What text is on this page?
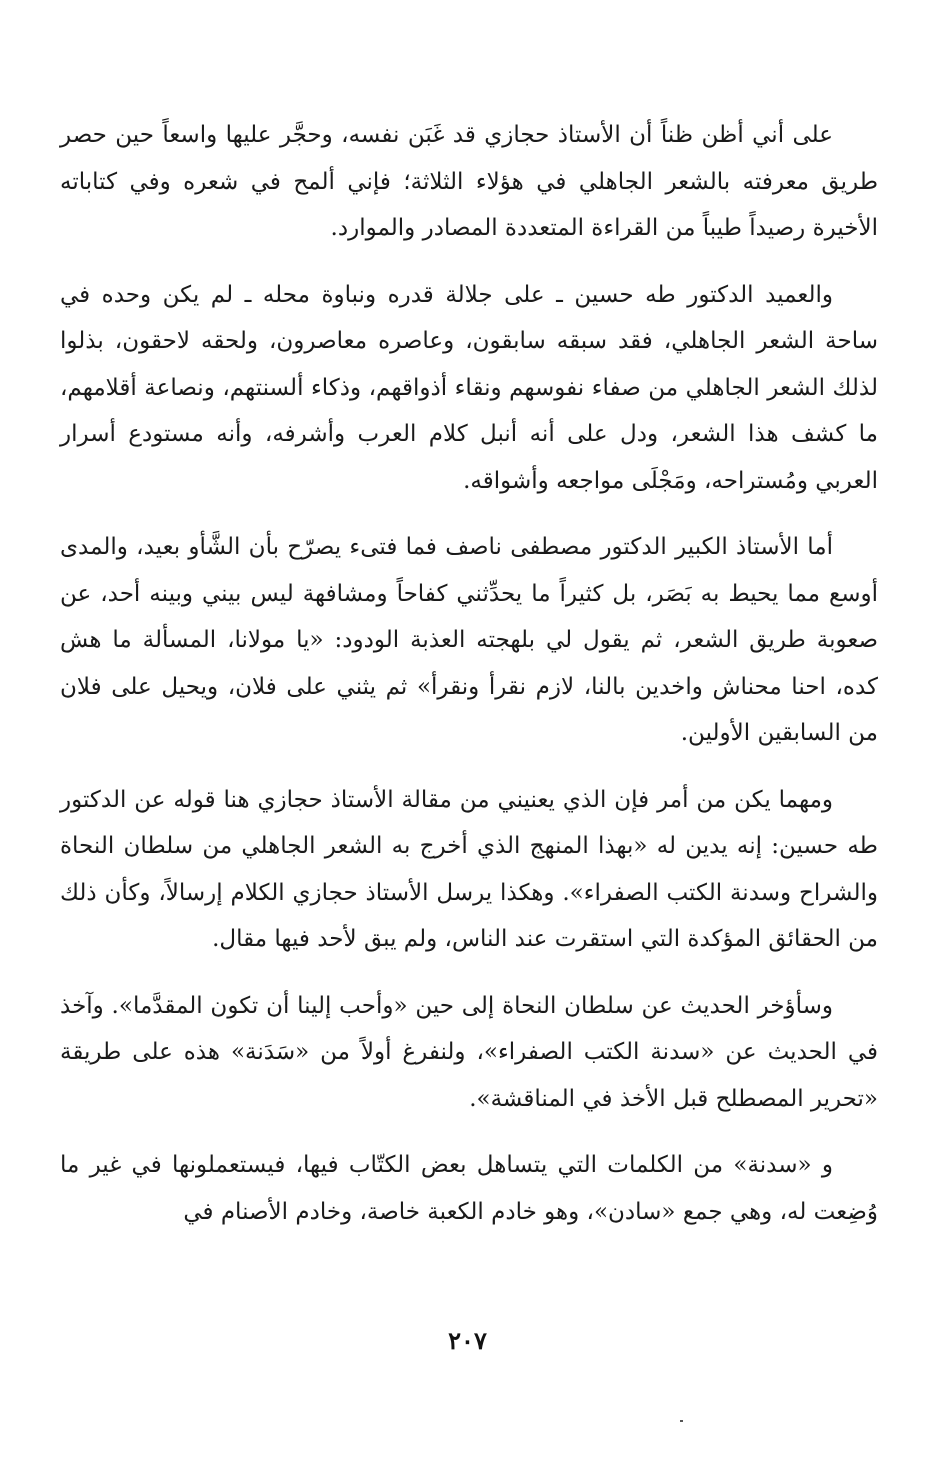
على أني أظن ظناً أن الأستاذ حجازي قد غَبَن نفسه، وحجَّر عليها واسعاً حين حصر طريق معرفته بالشعر الجاهلي في هؤلاء الثلاثة؛ فإني ألمح في شعره وفي كتاباته الأخيرة رصيداً طيباً من القراءة المتعددة المصادر والموارد.

والعميد الدكتور طه حسين ـ على جلالة قدره ونباوة محله ـ لم يكن وحده في ساحة الشعر الجاهلي، فقد سبقه سابقون، وعاصره معاصرون، ولحقه لاحقون، بذلوا لذلك الشعر الجاهلي من صفاء نفوسهم ونقاء أذواقهم، وذكاء ألسنتهم، ونصاعة أقلامهم، ما كشف هذا الشعر، ودل على أنه أنبل كلام العرب وأشرفه، وأنه مستودع أسرار العربي ومُستراحه، ومَجْلَى مواجعه وأشواقه.

أما الأستاذ الكبير الدكتور مصطفى ناصف فما فتىء يصرّح بأن الشَّأو بعيد، والمدى أوسع مما يحيط به بَصَر، بل كثيراً ما يحدِّثني كفاحاً ومشافهة ليس بيني وبينه أحد، عن صعوبة طريق الشعر، ثم يقول لي بلهجته العذبة الودود: «يا مولانا، المسألة ما هش كده، احنا محناش واخدين بالنا، لازم نقرأ ونقرأ» ثم يثني على فلان، ويحيل على فلان من السابقين الأولين.

ومهما يكن من أمر فإن الذي يعنيني من مقالة الأستاذ حجازي هنا قوله عن الدكتور طه حسين: إنه يدين له «بهذا المنهج الذي أخرج به الشعر الجاهلي من سلطان النحاة والشراح وسدنة الكتب الصفراء». وهكذا يرسل الأستاذ حجازي الكلام إرسالاً، وكأن ذلك من الحقائق المؤكدة التي استقرت عند الناس، ولم يبق لأحد فيها مقال.

وسأؤخر الحديث عن سلطان النحاة إلى حين «وأحب إلينا أن تكون المقدَّما». وآخذ في الحديث عن «سدنة الكتب الصفراء»، ولنفرغ أولاً من «سَدَنة» هذه على طريقة «تحرير المصطلح قبل الأخذ في المناقشة».

و «سدنة» من الكلمات التي يتساهل بعض الكتّاب فيها، فيستعملونها في غير ما وُضِعت له، وهي جمع «سادن»، وهو خادم الكعبة خاصة، وخادم الأصنام في

٢٠٧
